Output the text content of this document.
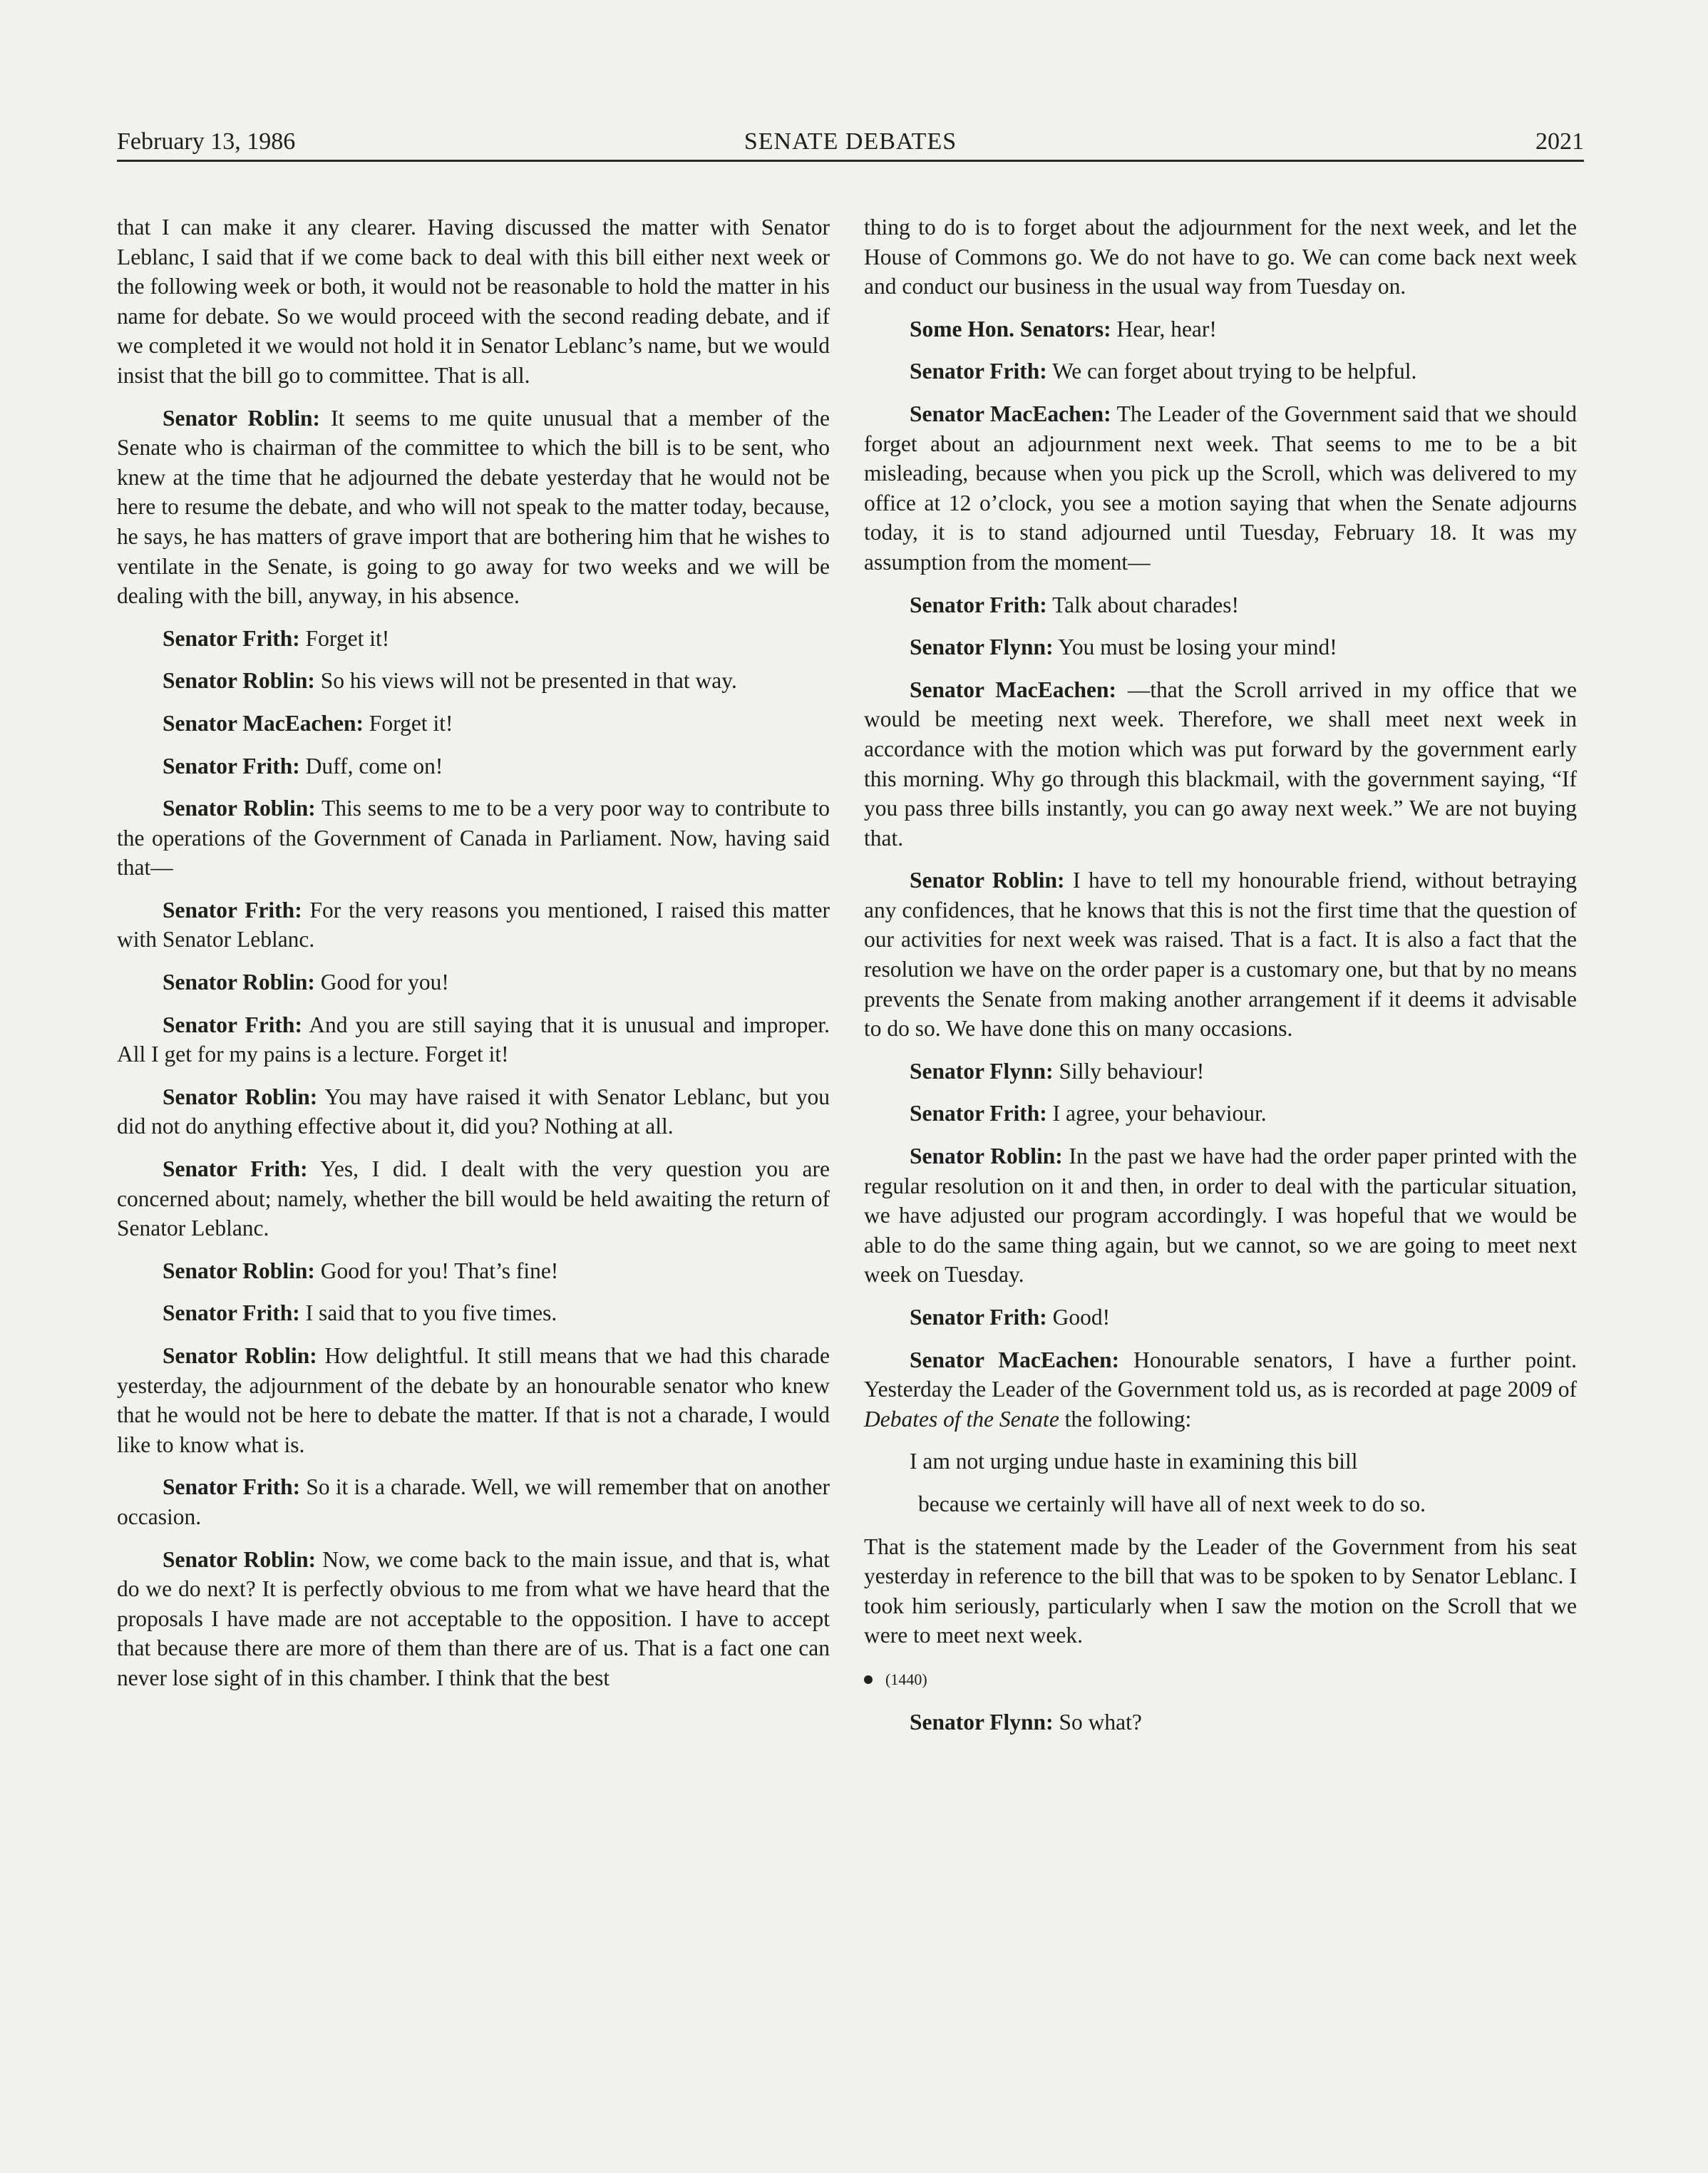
February 13, 1986	SENATE DEBATES	2021

that I can make it any clearer. Having discussed the matter with Senator Leblanc, I said that if we come back to deal with this bill either next week or the following week or both, it would not be reasonable to hold the matter in his name for debate. So we would proceed with the second reading debate, and if we completed it we would not hold it in Senator Leblanc’s name, but we would insist that the bill go to committee. That is all.

Senator Roblin: It seems to me quite unusual that a member of the Senate who is chairman of the committee to which the bill is to be sent, who knew at the time that he adjourned the debate yesterday that he would not be here to resume the debate, and who will not speak to the matter today, because, he says, he has matters of grave import that are bothering him that he wishes to ventilate in the Senate, is going to go away for two weeks and we will be dealing with the bill, anyway, in his absence.

Senator Frith: Forget it!

Senator Roblin: So his views will not be presented in that way.

Senator MacEachen: Forget it!

Senator Frith: Duff, come on!

Senator Roblin: This seems to me to be a very poor way to contribute to the operations of the Government of Canada in Parliament. Now, having said that—

Senator Frith: For the very reasons you mentioned, I raised this matter with Senator Leblanc.

Senator Roblin: Good for you!

Senator Frith: And you are still saying that it is unusual and improper. All I get for my pains is a lecture. Forget it!

Senator Roblin: You may have raised it with Senator Leblanc, but you did not do anything effective about it, did you? Nothing at all.

Senator Frith: Yes, I did. I dealt with the very question you are concerned about; namely, whether the bill would be held awaiting the return of Senator Leblanc.

Senator Roblin: Good for you! That’s fine!

Senator Frith: I said that to you five times.

Senator Roblin: How delightful. It still means that we had this charade yesterday, the adjournment of the debate by an honourable senator who knew that he would not be here to debate the matter. If that is not a charade, I would like to know what is.

Senator Frith: So it is a charade. Well, we will remember that on another occasion.

Senator Roblin: Now, we come back to the main issue, and that is, what do we do next? It is perfectly obvious to me from what we have heard that the proposals I have made are not acceptable to the opposition. I have to accept that because there are more of them than there are of us. That is a fact one can never lose sight of in this chamber. I think that the best

thing to do is to forget about the adjournment for the next week, and let the House of Commons go. We do not have to go. We can come back next week and conduct our business in the usual way from Tuesday on.

Some Hon. Senators: Hear, hear!

Senator Frith: We can forget about trying to be helpful.

Senator MacEachen: The Leader of the Government said that we should forget about an adjournment next week. That seems to me to be a bit misleading, because when you pick up the Scroll, which was delivered to my office at 12 o’clock, you see a motion saying that when the Senate adjourns today, it is to stand adjourned until Tuesday, February 18. It was my assumption from the moment—

Senator Frith: Talk about charades!

Senator Flynn: You must be losing your mind!

Senator MacEachen: —that the Scroll arrived in my office that we would be meeting next week. Therefore, we shall meet next week in accordance with the motion which was put forward by the government early this morning. Why go through this blackmail, with the government saying, “If you pass three bills instantly, you can go away next week.” We are not buying that.

Senator Roblin: I have to tell my honourable friend, without betraying any confidences, that he knows that this is not the first time that the question of our activities for next week was raised. That is a fact. It is also a fact that the resolution we have on the order paper is a customary one, but that by no means prevents the Senate from making another arrangement if it deems it advisable to do so. We have done this on many occasions.

Senator Flynn: Silly behaviour!

Senator Frith: I agree, your behaviour.

Senator Roblin: In the past we have had the order paper printed with the regular resolution on it and then, in order to deal with the particular situation, we have adjusted our program accordingly. I was hopeful that we would be able to do the same thing again, but we cannot, so we are going to meet next week on Tuesday.

Senator Frith: Good!

Senator MacEachen: Honourable senators, I have a further point. Yesterday the Leader of the Government told us, as is recorded at page 2009 of Debates of the Senate the following:

I am not urging undue haste in examining this bill

because we certainly will have all of next week to do so.

That is the statement made by the Leader of the Government from his seat yesterday in reference to the bill that was to be spoken to by Senator Leblanc. I took him seriously, particularly when I saw the motion on the Scroll that we were to meet next week.

(1440)

Senator Flynn: So what?
